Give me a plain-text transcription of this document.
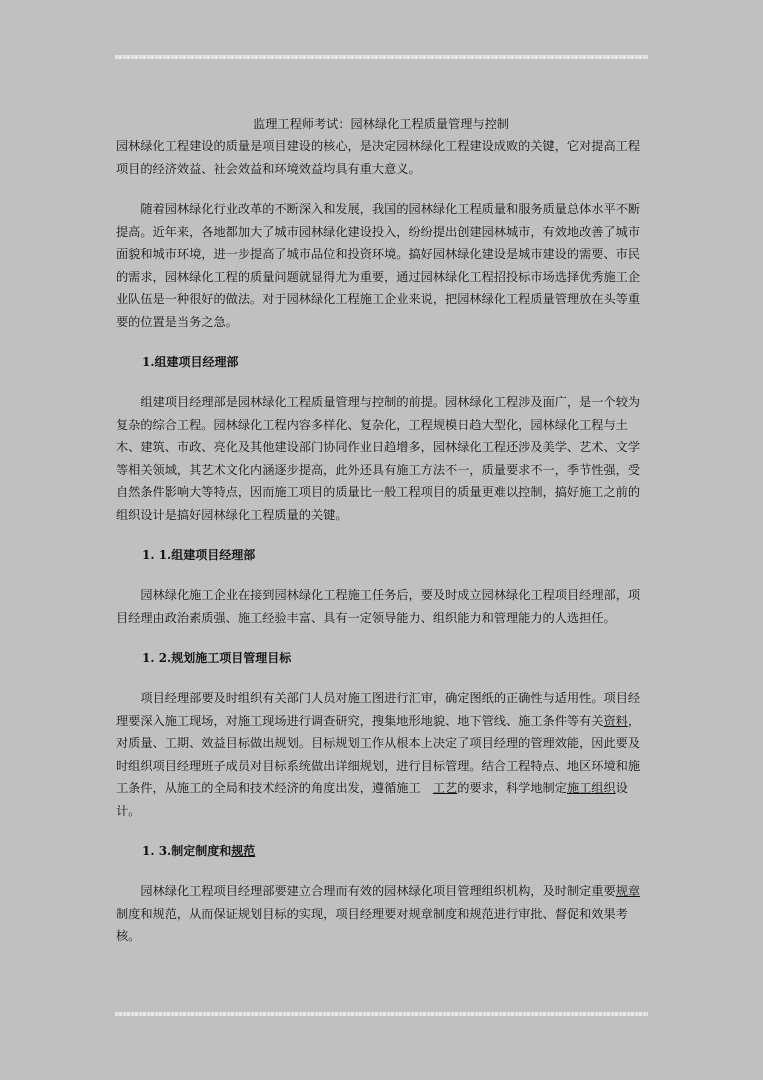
监理工程师考试：园林绿化工程质量管理与控制

园林绿化工程建设的质量是项目建设的核心，是决定园林绿化工程建设成败的关键，它对提高工程项目的经济效益、社会效益和环境效益均具有重大意义。

随着园林绿化行业改革的不断深入和发展，我国的园林绿化工程质量和服务质量总体水平不断提高。近年来，各地都加大了城市园林绿化建设投入，纷纷提出创建园林城市，有效地改善了城市面貌和城市环境，进一步提高了城市品位和投资环境。搞好园林绿化建设是城市建设的需要、市民的需求，园林绿化工程的质量问题就显得尤为重要，通过园林绿化工程招投标市场选择优秀施工企业队伍是一种很好的做法。对于园林绿化工程施工企业来说，把园林绿化工程质量管理放在头等重要的位置是当务之急。

1.组建项目经理部

组建项目经理部是园林绿化工程质量管理与控制的前提。园林绿化工程涉及面广，是一个较为复杂的综合工程。园林绿化工程内容多样化、复杂化，工程规模日趋大型化，园林绿化工程与土木、建筑、市政、亮化及其他建设部门协同作业日趋增多，园林绿化工程还涉及美学、艺术、文学等相关领域，其艺术文化内涵逐步提高，此外还具有施工方法不一，质量要求不一，季节性强，受自然条件影响大等特点，因而施工项目的质量比一般工程项目的质量更难以控制，搞好施工之前的组织设计是搞好园林绿化工程质量的关键。

1. 1.组建项目经理部

园林绿化施工企业在接到园林绿化工程施工任务后，要及时成立园林绿化工程项目经理部，项目经理由政治素质强、施工经验丰富、具有一定领导能力、组织能力和管理能力的人选担任。

1. 2.规划施工项目管理目标

项目经理部要及时组织有关部门人员对施工图进行汇审，确定图纸的正确性与适用性。项目经理要深入施工现场，对施工现场进行调查研究，搜集地形地貌、地下管线、施工条件等有关资料，对质量、工期、效益目标做出规划。目标规划工作从根本上决定了项目经理的管理效能，因此要及时组织项目经理班子成员对目标系统做出详细规划，进行目标管理。结合工程特点、地区环境和施工条件，从施工的全局和技术经济的角度出发，遵循施工　工艺的要求，科学地制定施工组织设计。

1. 3.制定制度和规范

园林绿化工程项目经理部要建立合理而有效的园林绿化项目管理组织机构，及时制定重要规章制度和规范，从而保证规划目标的实现，项目经理要对规章制度和规范进行审批、督促和效果考核。
